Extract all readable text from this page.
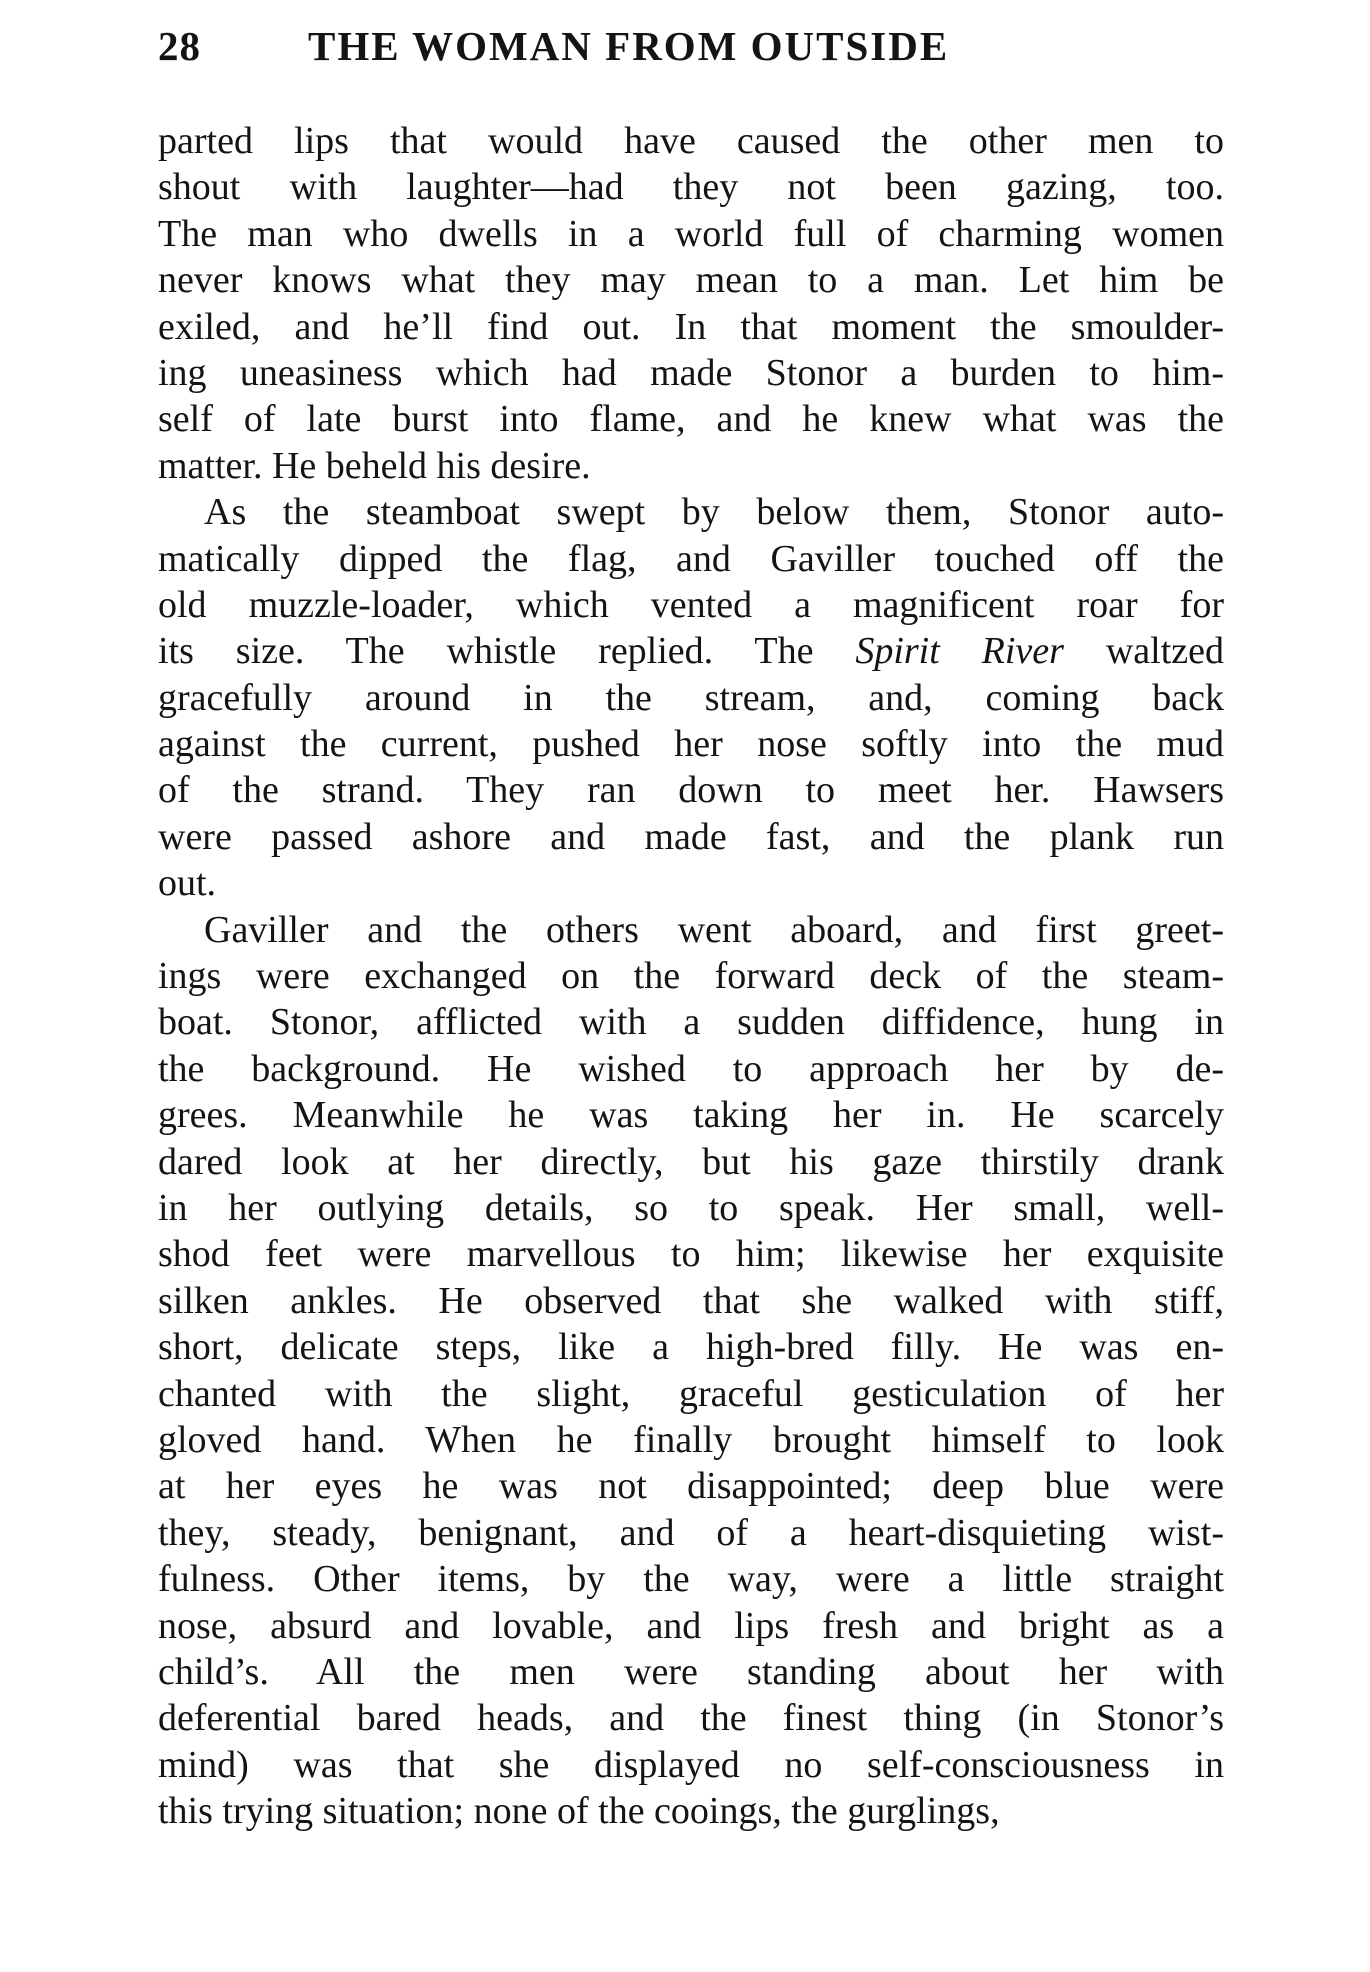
28	THE WOMAN FROM OUTSIDE
parted lips that would have caused the other men to
shout with laughter—had they not been gazing, too.
The man who dwells in a world full of charming women
never knows what they may mean to a man. Let him be
exiled, and he’ll find out. In that moment the smoulder-
ing uneasiness which had made Stonor a burden to him-
self of late burst into flame, and he knew what was the
matter. He beheld his desire.
As the steamboat swept by below them, Stonor auto-
matically dipped the flag, and Gaviller touched off the
old muzzle-loader, which vented a magnificent roar for
its size. The whistle replied. The Spirit River waltzed
gracefully around in the stream, and, coming back
against the current, pushed her nose softly into the mud
of the strand. They ran down to meet her. Hawsers
were passed ashore and made fast, and the plank run
out.
Gaviller and the others went aboard, and first greet-
ings were exchanged on the forward deck of the steam-
boat. Stonor, afflicted with a sudden diffidence, hung in
the background. He wished to approach her by de-
grees. Meanwhile he was taking her in. He scarcely
dared look at her directly, but his gaze thirstily drank
in her outlying details, so to speak. Her small, well-
shod feet were marvellous to him; likewise her exquisite
silken ankles. He observed that she walked with stiff,
short, delicate steps, like a high-bred filly. He was en-
chanted with the slight, graceful gesticulation of her
gloved hand. When he finally brought himself to look
at her eyes he was not disappointed; deep blue were
they, steady, benignant, and of a heart-disquieting wist-
fulness. Other items, by the way, were a little straight
nose, absurd and lovable, and lips fresh and bright as a
child’s. All the men were standing about her with
deferential bared heads, and the finest thing (in Stonor’s
mind) was that she displayed no self-consciousness in
this trying situation; none of the cooings, the gurglings,
